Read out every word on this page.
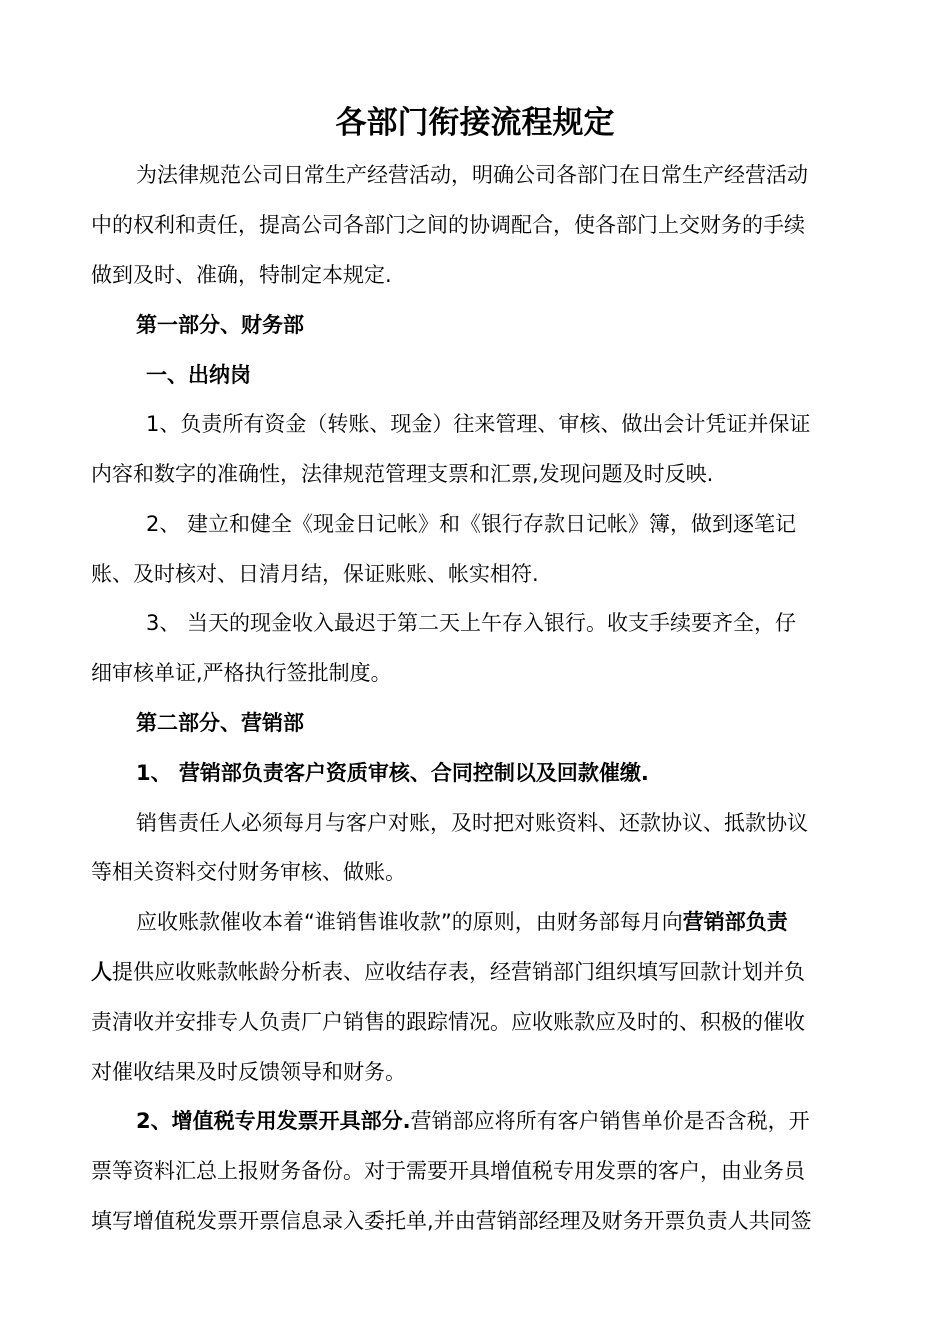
各部门衔接流程规定
为法律规范公司日常生产经营活动，明确公司各部门在日常生产经营活动
中的权利和责任，提高公司各部门之间的协调配合，使各部门上交财务的手续
做到及时、准确，特制定本规定.
第一部分、财务部
一、出纳岗
1、负责所有资金（转账、现金）往来管理、审核、做出会计凭证并保证
内容和数字的准确性，法律规范管理支票和汇票,发现问题及时反映.
2、 建立和健全《现金日记帐》和《银行存款日记帐》簿，做到逐笔记
账、及时核对、日清月结，保证账账、帐实相符.
3、 当天的现金收入最迟于第二天上午存入银行。收支手续要齐全，仔
细审核单证,严格执行签批制度。
第二部分、营销部
1、 营销部负责客户资质审核、合同控制以及回款催缴.
销售责任人必须每月与客户对账，及时把对账资料、还款协议、抵款协议
等相关资料交付财务审核、做账。
应收账款催收本着“谁销售谁收款”的原则，由财务部每月向营销部负责
人提供应收账款帐龄分析表、应收结存表，经营销部门组织填写回款计划并负
责清收并安排专人负责厂户销售的跟踪情况。应收账款应及时的、积极的催收
对催收结果及时反馈领导和财务。
2、增值税专用发票开具部分.营销部应将所有客户销售单价是否含税，开
票等资料汇总上报财务备份。对于需要开具增值税专用发票的客户，由业务员
填写增值税发票开票信息录入委托单,并由营销部经理及财务开票负责人共同签
